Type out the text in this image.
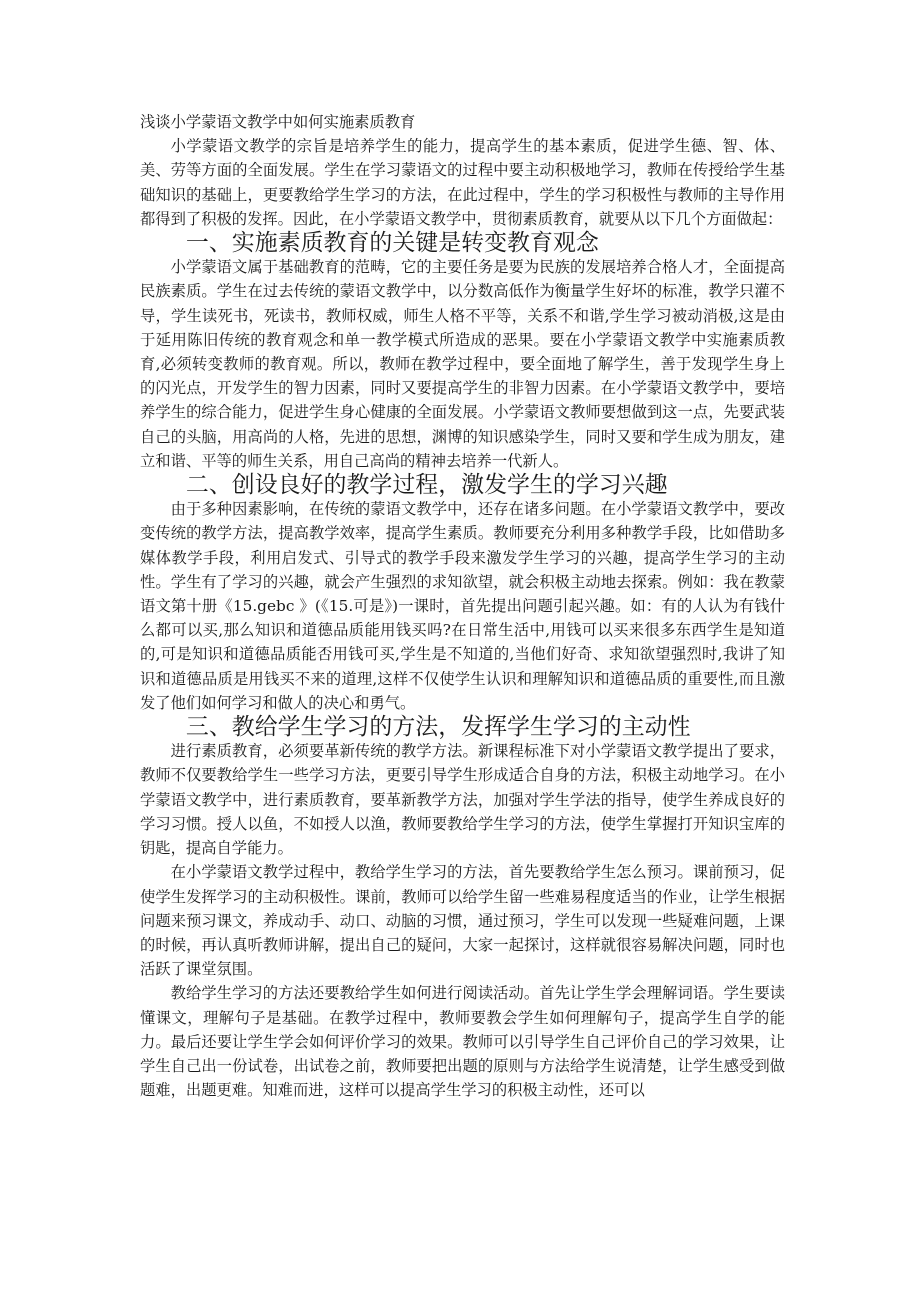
浅谈小学蒙语文教学中如何实施素质教育

小学蒙语文教学的宗旨是培养学生的能力，提高学生的基本素质，促进学生德、智、体、美、劳等方面的全面发展。学生在学习蒙语文的过程中要主动积极地学习，教师在传授给学生基础知识的基础上，更要教给学生学习的方法，在此过程中，学生的学习积极性与教师的主导作用都得到了积极的发挥。因此，在小学蒙语文教学中，贯彻素质教育，就要从以下几个方面做起：

一、实施素质教育的关键是转变教育观念

小学蒙语文属于基础教育的范畴，它的主要任务是要为民族的发展培养合格人才，全面提高民族素质。学生在过去传统的蒙语文教学中，以分数高低作为衡量学生好坏的标准，教学只灌不导，学生读死书，死读书，教师权威，师生人格不平等，关系不和谐,学生学习被动消极,这是由于延用陈旧传统的教育观念和单一教学模式所造成的恶果。要在小学蒙语文教学中实施素质教育,必须转变教师的教育观。所以，教师在教学过程中，要全面地了解学生，善于发现学生身上的闪光点，开发学生的智力因素，同时又要提高学生的非智力因素。在小学蒙语文教学中，要培养学生的综合能力，促进学生身心健康的全面发展。小学蒙语文教师要想做到这一点，先要武装自己的头脑，用高尚的人格，先进的思想，渊博的知识感染学生，同时又要和学生成为朋友，建立和谐、平等的师生关系，用自己高尚的精神去培养一代新人。

二、创设良好的教学过程，激发学生的学习兴趣

由于多种因素影响，在传统的蒙语文教学中，还存在诸多问题。在小学蒙语文教学中，要改变传统的教学方法，提高教学效率，提高学生素质。教师要充分利用多种教学手段，比如借助多媒体教学手段，利用启发式、引导式的教学手段来激发学生学习的兴趣，提高学生学习的主动性。学生有了学习的兴趣，就会产生强烈的求知欲望，就会积极主动地去探索。例如：我在教蒙语文第十册《15.gebc 》(《15.可是》)一课时，首先提出问题引起兴趣。如：有的人认为有钱什么都可以买,那么知识和道德品质能用钱买吗?在日常生活中,用钱可以买来很多东西学生是知道的,可是知识和道德品质能否用钱可买,学生是不知道的,当他们好奇、求知欲望强烈时,我讲了知识和道德品质是用钱买不来的道理,这样不仅使学生认识和理解知识和道德品质的重要性,而且激发了他们如何学习和做人的决心和勇气。

三、教给学生学习的方法，发挥学生学习的主动性

进行素质教育，必须要革新传统的教学方法。新课程标准下对小学蒙语文教学提出了要求，教师不仅要教给学生一些学习方法，更要引导学生形成适合自身的方法，积极主动地学习。在小学蒙语文教学中，进行素质教育，要革新教学方法，加强对学生学法的指导，使学生养成良好的学习习惯。授人以鱼，不如授人以渔，教师要教给学生学习的方法，使学生掌握打开知识宝库的钥匙，提高自学能力。

在小学蒙语文教学过程中，教给学生学习的方法，首先要教给学生怎么预习。课前预习，促使学生发挥学习的主动积极性。课前，教师可以给学生留一些难易程度适当的作业，让学生根据问题来预习课文，养成动手、动口、动脑的习惯，通过预习，学生可以发现一些疑难问题，上课的时候，再认真听教师讲解，提出自己的疑问，大家一起探讨，这样就很容易解决问题，同时也活跃了课堂氛围。

教给学生学习的方法还要教给学生如何进行阅读活动。首先让学生学会理解词语。学生要读懂课文，理解句子是基础。在教学过程中，教师要教会学生如何理解句子，提高学生自学的能力。最后还要让学生学会如何评价学习的效果。教师可以引导学生自己评价自己的学习效果，让学生自己出一份试卷，出试卷之前，教师要把出题的原则与方法给学生说清楚，让学生感受到做题难，出题更难。知难而进，这样可以提高学生学习的积极主动性，还可以
